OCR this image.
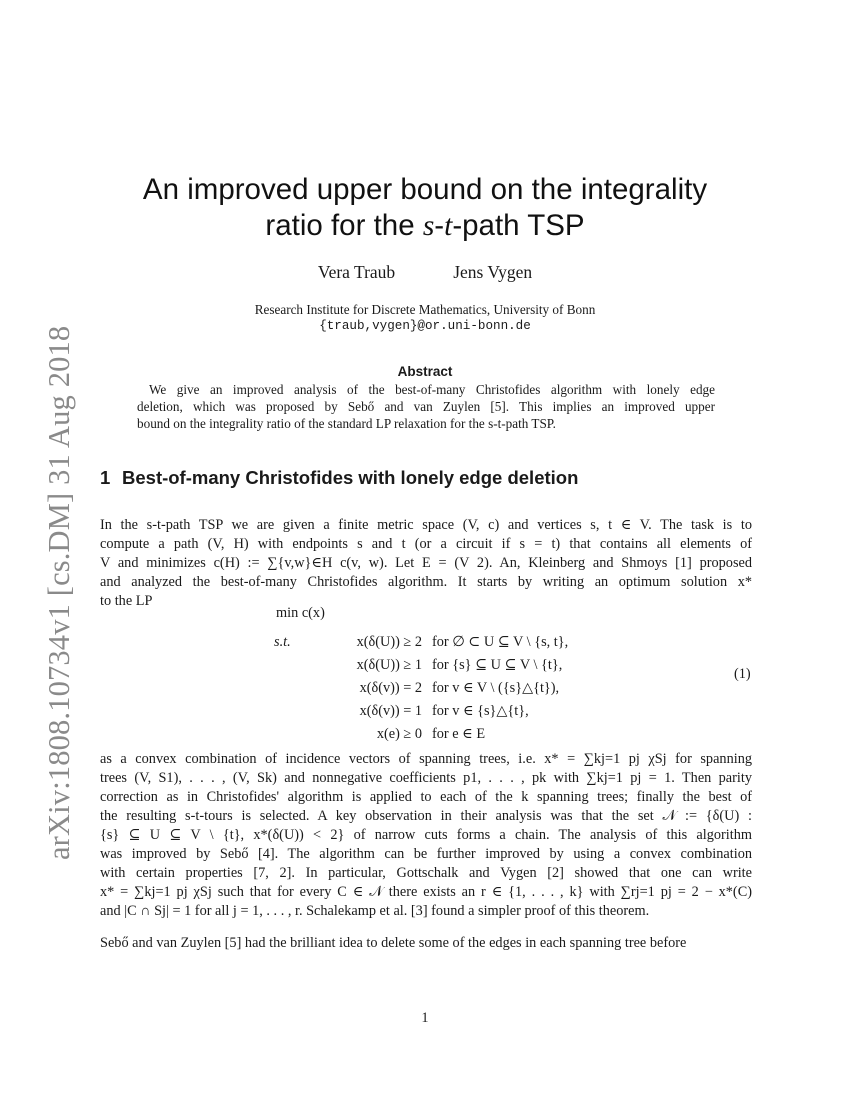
arXiv:1808.10734v1 [cs.DM] 31 Aug 2018
An improved upper bound on the integrality
ratio for the s-t-path TSP
Vera Traub	Jens Vygen
Research Institute for Discrete Mathematics, University of Bonn
{traub,vygen}@or.uni-bonn.de
Abstract
We give an improved analysis of the best-of-many Christofides algorithm with lonely edge
deletion, which was proposed by Sebő and van Zuylen [5]. This implies an improved upper
bound on the integrality ratio of the standard LP relaxation for the s-t-path TSP.
1 Best-of-many Christofides with lonely edge deletion
In the s-t-path TSP we are given a finite metric space (V, c) and vertices s, t ∈ V. The task is to
compute a path (V, H) with endpoints s and t (or a circuit if s = t) that contains all elements of
V and minimizes c(H) := ∑{v,w}∈H c(v, w). Let E = (V 2). An, Kleinberg and Shmoys [1] proposed
and analyzed the best-of-many Christofides algorithm. It starts by writing an optimum solution x*
to the LP
min c(x)
s.t.	x(δ(U)) ≥ 2 for ∅ ⊂ U ⊆ V \ {s, t},
x(δ(U)) ≥ 1 for {s} ⊆ U ⊆ V \ {t},
x(δ(v)) = 2 for v ∈ V \ ({s}△{t}),
x(δ(v)) = 1 for v ∈ {s}△{t},
x(e) ≥ 0 for e ∈ E
(1)
as a convex combination of incidence vectors of spanning trees, i.e. x* = ∑kj=1 pj χSj for spanning
trees (V, S1), . . . , (V, Sk) and nonnegative coefficients p1, . . . , pk with ∑kj=1 pj = 1. Then parity
correction as in Christofides' algorithm is applied to each of the k spanning trees; finally the best of
the resulting s-t-tours is selected. A key observation in their analysis was that the set 𝒩 := {δ(U) :
{s} ⊆ U ⊆ V \ {t}, x*(δ(U)) < 2} of narrow cuts forms a chain. The analysis of this algorithm
was improved by Sebő [4]. The algorithm can be further improved by using a convex combination
with certain properties [7, 2]. In particular, Gottschalk and Vygen [2] showed that one can write
x* = ∑kj=1 pj χSj such that for every C ∈ 𝒩 there exists an r ∈ {1, . . . , k} with ∑rj=1 pj = 2 − x*(C)
and |C ∩ Sj| = 1 for all j = 1, . . . , r. Schalekamp et al. [3] found a simpler proof of this theorem.
Sebő and van Zuylen [5] had the brilliant idea to delete some of the edges in each spanning tree before
1
